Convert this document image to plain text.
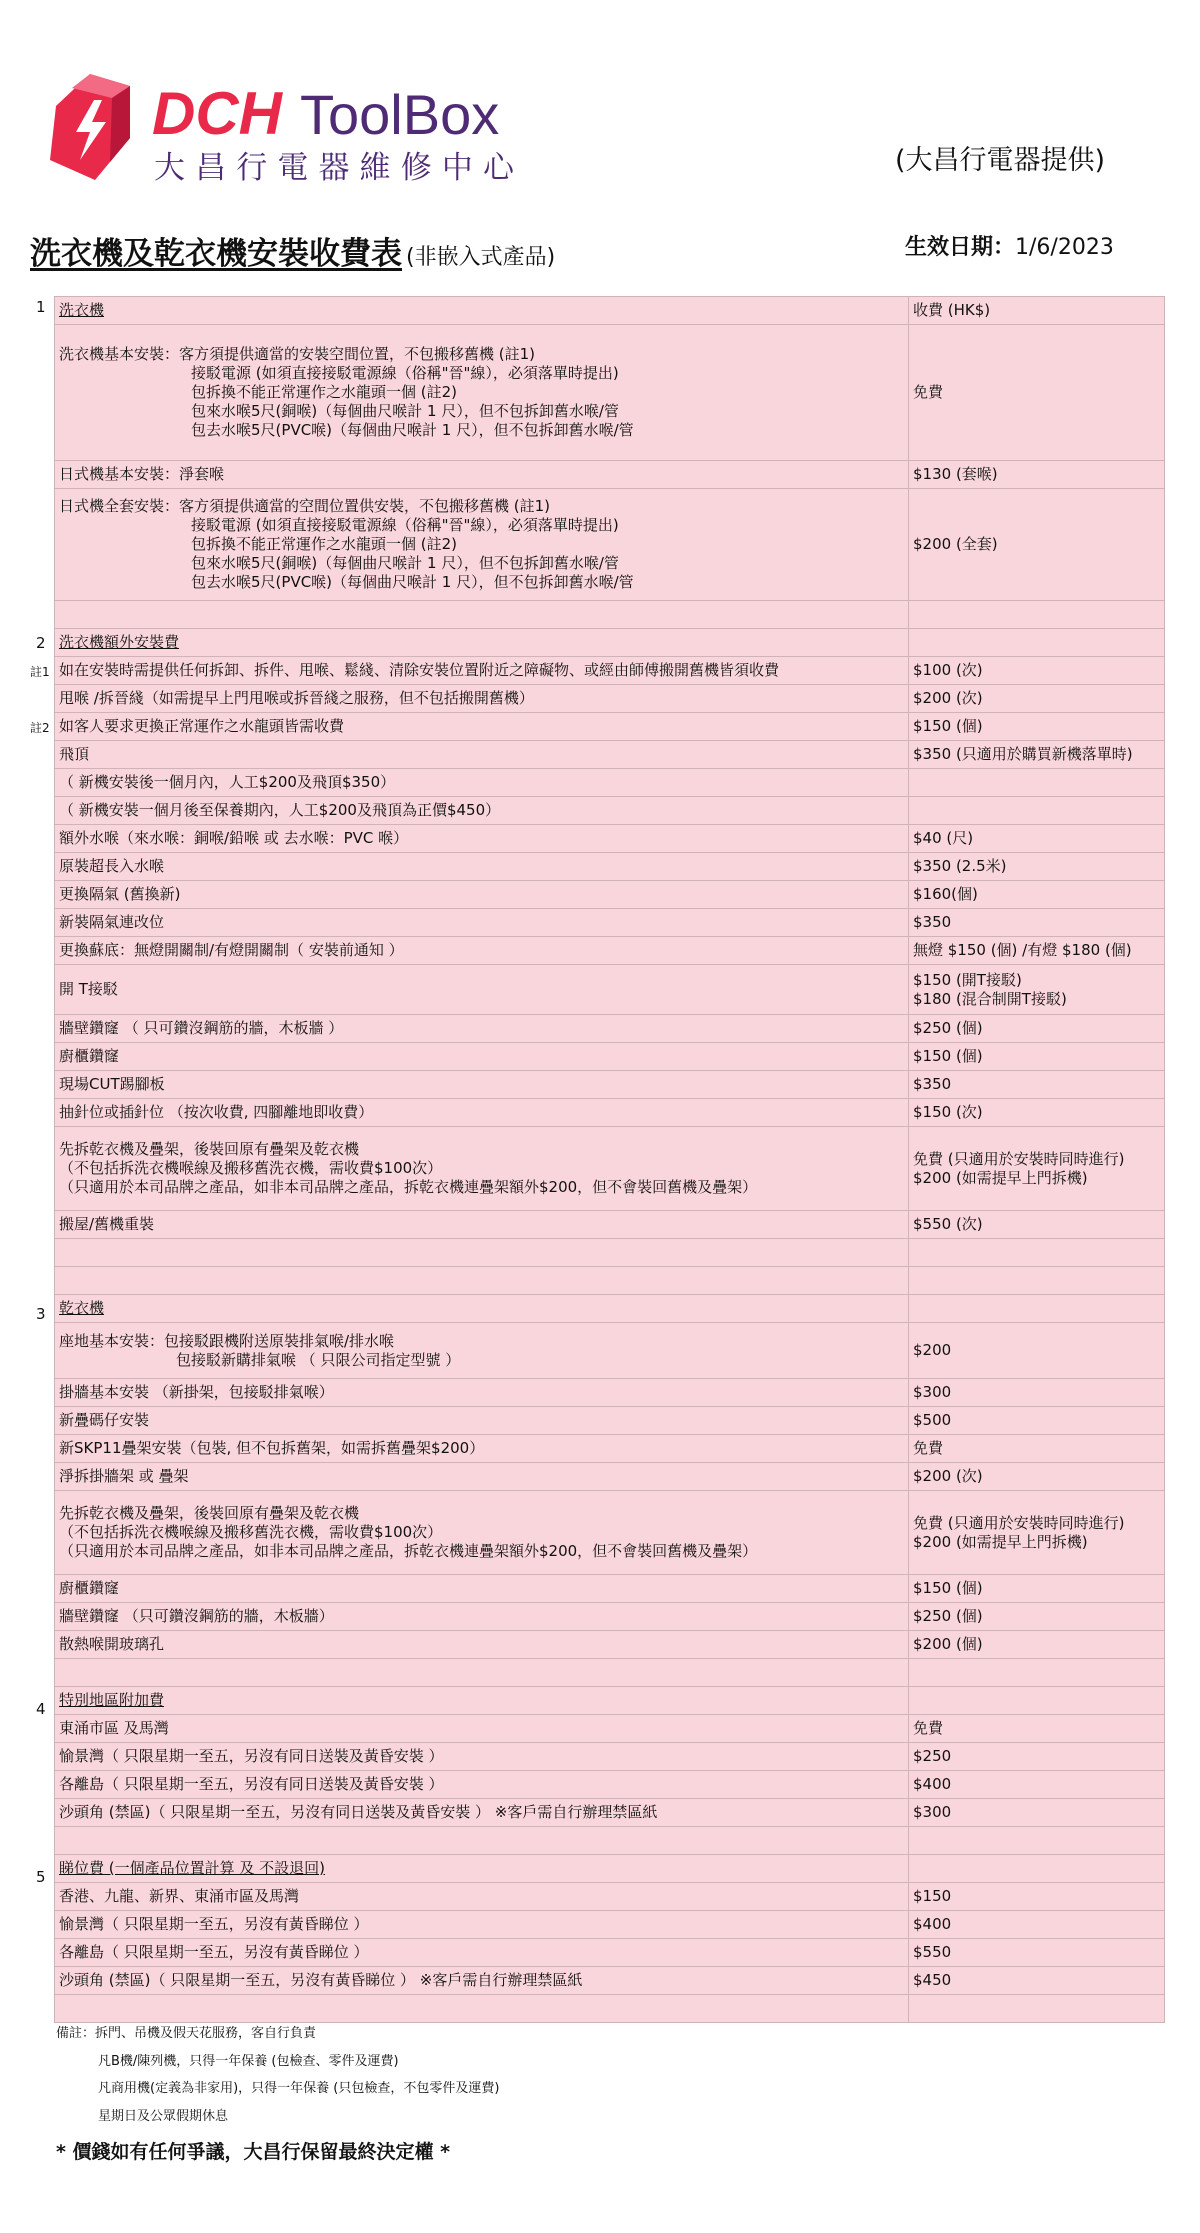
DCH ToolBox
大昌行電器維修中心	(大昌行電器提供)
洗衣機及乾衣機安裝收費表 (非嵌入式產品)	生效日期：1/6/2023
1
2
註1
註2
3
4
5
洗衣機	收費 (HK$)

洗衣機基本安裝：客方須提供適當的安裝空間位置，不包搬移舊機 (註1)
接駁電源 (如須直接接駁電源線（俗稱"晉"線），必須落單時提出)
包拆換不能正常運作之水龍頭一個 (註2)
包來水喉5尺(銅喉)（每個曲尺喉計 1 尺），但不包拆卸舊水喉/管
包去水喉5尺(PVC喉)（每個曲尺喉計 1 尺），但不包拆卸舊水喉/管	免費
日式機基本安裝：淨套喉	$130 (套喉)

日式機全套安裝：客方須提供適當的空間位置供安裝，不包搬移舊機 (註1)
接駁電源 (如須直接接駁電源線（俗稱"晉"線），必須落單時提出)
包拆換不能正常運作之水龍頭一個 (註2)
包來水喉5尺(銅喉)（每個曲尺喉計 1 尺），但不包拆卸舊水喉/管
包去水喉5尺(PVC喉)（每個曲尺喉計 1 尺），但不包拆卸舊水喉/管	$200 (全套)

洗衣機額外安裝費	
如在安裝時需提供任何拆卸、拆件、甩喉、鬆綫、清除安裝位置附近之障礙物、或經由師傅搬開舊機皆須收費	$100 (次)
甩喉 /拆晉綫（如需提早上門甩喉或拆晉綫之服務，但不包括搬開舊機）	$200 (次)
如客人要求更換正常運作之水龍頭皆需收費	$150 (個)
飛頂	$350 (只適用於購買新機落單時)
（ 新機安裝後一個月內，人工$200及飛頂$350）	
（ 新機安裝一個月後至保養期內，人工$200及飛頂為正價$450）	
額外水喉（來水喉：銅喉/鉛喉 或 去水喉：PVC 喉）	$40 (尺)
原裝超長入水喉	$350 (2.5米)
更換隔氣 (舊換新)	$160(個)
新裝隔氣連改位	$350
更換蘇底：無燈開關制/有燈開關制（ 安裝前通知 ）	無燈 $150 (個) /有燈 $180 (個)
開 T接駁	$150 (開T接駁)
$180 (混合制開T接駁)

牆壁鑽窿 （ 只可鑽沒鋼筋的牆，木板牆 ）	$250 (個)
廚櫃鑽窿	$150 (個)
現場CUT踢腳板	$350
抽針位或插針位 （按次收費, 四腳離地即收費）	$150 (次)

先拆乾衣機及疊架，後裝回原有疊架及乾衣機
（不包括拆洗衣機喉線及搬移舊洗衣機，需收費$100次）
（只適用於本司品牌之產品，如非本司品牌之產品，拆乾衣機連疊架額外$200，但不會裝回舊機及疊架）	免費 (只適用於安裝時同時進行)
$200 (如需提早上門拆機)

搬屋/舊機重裝	$550 (次)

乾衣機	

座地基本安裝：包接駁跟機附送原裝排氣喉/排水喉
包接駁新購排氣喉 （ 只限公司指定型號 ）	$200
掛牆基本安裝 （新掛架，包接駁排氣喉）	$300
新疊碼仔安裝	$500
新SKP11疊架安裝（包裝, 但不包拆舊架，如需拆舊疊架$200）	免費
淨拆掛牆架 或 疊架	$200 (次)

先拆乾衣機及疊架，後裝回原有疊架及乾衣機
（不包括拆洗衣機喉線及搬移舊洗衣機，需收費$100次）
（只適用於本司品牌之產品，如非本司品牌之產品，拆乾衣機連疊架額外$200，但不會裝回舊機及疊架）	免費 (只適用於安裝時同時進行)
$200 (如需提早上門拆機)

廚櫃鑽窿	$150 (個)
牆壁鑽窿 （只可鑽沒鋼筋的牆，木板牆）	$250 (個)
散熱喉開玻璃孔	$200 (個)

特別地區附加費	
東涌市區 及馬灣	免費
愉景灣（ 只限星期一至五，另沒有同日送裝及黃昏安裝 ）	$250
各離島（ 只限星期一至五，另沒有同日送裝及黃昏安裝 ）	$400
沙頭角 (禁區)（ 只限星期一至五，另沒有同日送裝及黃昏安裝 ） ※客戶需自行辦理禁區紙	$300

睇位費 (一個產品位置計算 及 不設退回)	
香港、九龍、新界、東涌市區及馬灣	$150
愉景灣（ 只限星期一至五，另沒有黃昏睇位 ）	$400
各離島（ 只限星期一至五，另沒有黃昏睇位 ）	$550
沙頭角 (禁區)（ 只限星期一至五，另沒有黃昏睇位 ） ※客戶需自行辦理禁區紙	$450

備註：拆門、吊機及假天花服務，客自行負責
凡B機/陳列機，只得一年保養 (包檢查、零件及運費)
凡商用機(定義為非家用)，只得一年保養 (只包檢查，不包零件及運費)
星期日及公眾假期休息
* 價錢如有任何爭議，大昌行保留最終決定權 *
